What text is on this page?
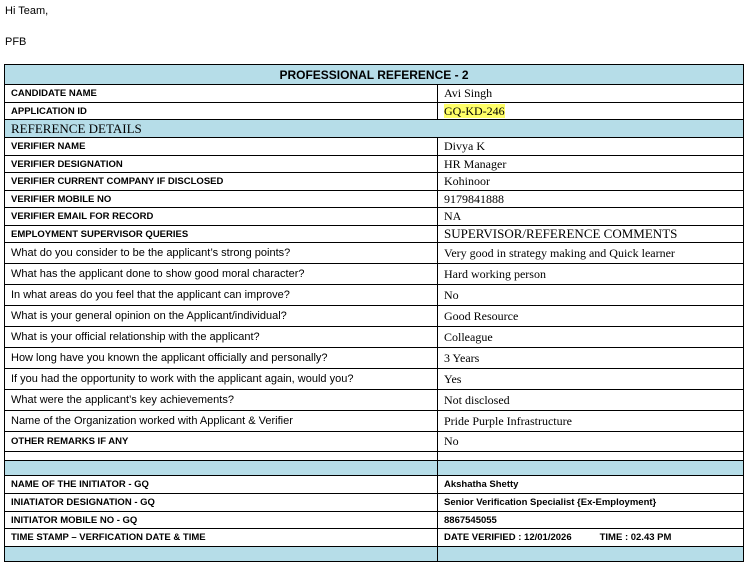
Hi Team,
PFB
PROFESSIONAL REFERENCE - 2	
CANDIDATE NAME	Avi Singh
APPLICATION ID	GQ-KD-246
REFERENCE DETAILS	
VERIFIER NAME	Divya K
VERIFIER DESIGNATION	HR Manager
VERIFIER CURRENT COMPANY IF DISCLOSED	Kohinoor
VERIFIER MOBILE NO	9179841888
VERIFIER EMAIL FOR RECORD	NA
EMPLOYMENT SUPERVISOR QUERIES	SUPERVISOR/REFERENCE COMMENTS
What do you consider to be the applicant’s strong points?	Very good in strategy making and Quick learner
What has the applicant done to show good moral character?	Hard working person
In what areas do you feel that the applicant can improve?	No
What is your general opinion on the Applicant/individual?	Good Resource
What is your official relationship with the applicant?	Colleague
How long have you known the applicant officially and personally?	3 Years
If you had the opportunity to work with the applicant again, would you?	Yes
What were the applicant’s key achievements?	Not disclosed
Name of the Organization worked with Applicant & Verifier	Pride Purple Infrastructure
OTHER REMARKS IF ANY	No

NAME OF THE INITIATOR - GQ	Akshatha Shetty
INIATIATOR DESIGNATION - GQ	Senior Verification Specialist {Ex-Employment}
INITIATOR MOBILE NO - GQ	8867545055
TIME STAMP – VERFICATION DATE & TIME	DATE VERIFIED : 12/01/2026 TIME : 02.43 PM
